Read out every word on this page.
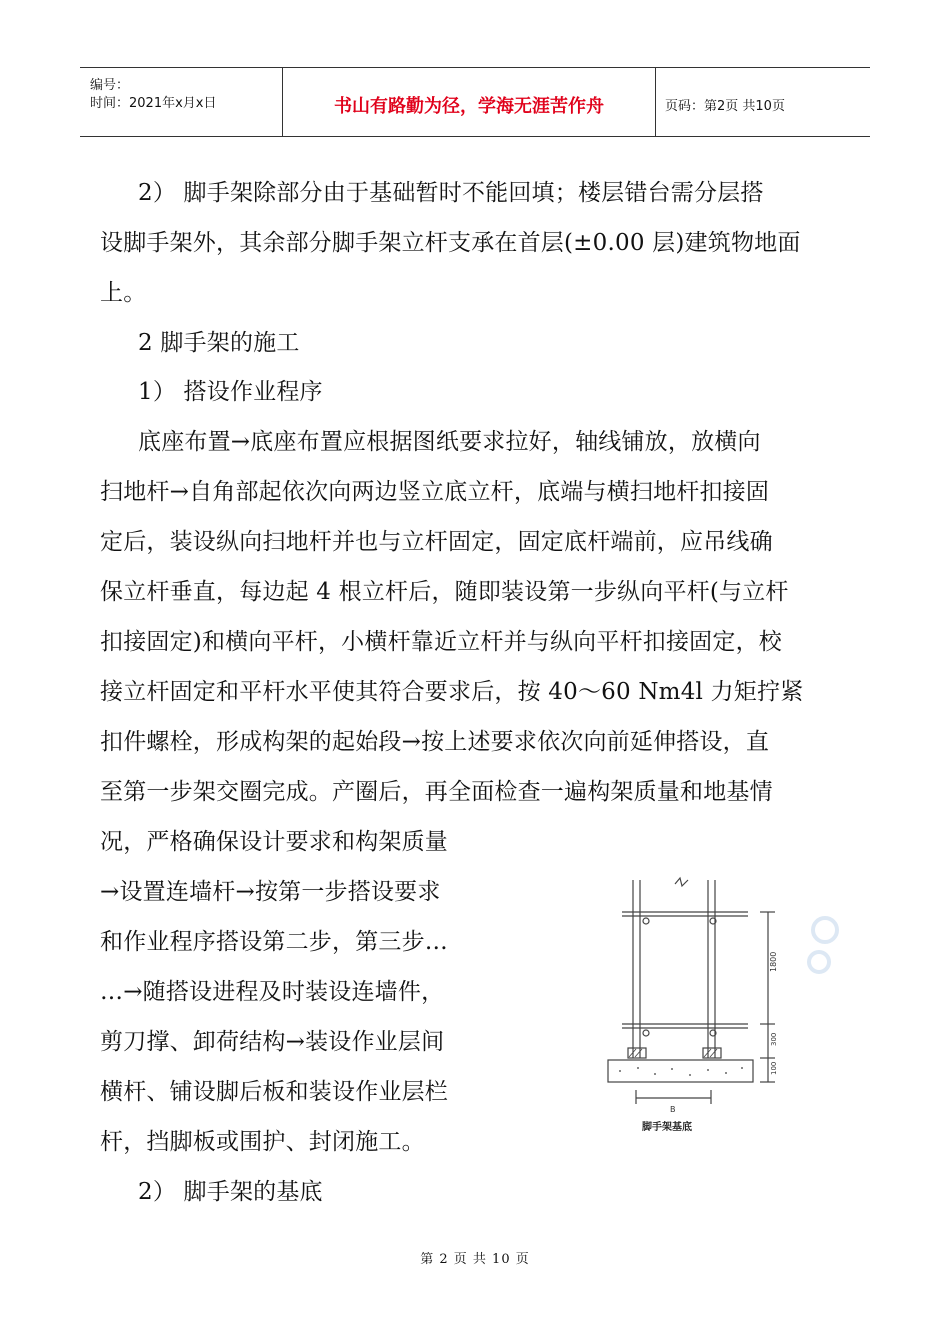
编号：
时间：2021年x月x日	书山有路勤为径，学海无涯苦作舟	页码：第2页 共10页
2） 脚手架除部分由于基础暂时不能回填；楼层错台需分层搭
设脚手架外，其余部分脚手架立杆支承在首层(±0.00 层)建筑物地面
上。
2 脚手架的施工
1） 搭设作业程序
底座布置→底座布置应根据图纸要求拉好，轴线铺放，放横向
扫地杆→自角部起依次向两边竖立底立杆，底端与横扫地杆扣接固
定后，装设纵向扫地杆并也与立杆固定，固定底杆端前，应吊线确
保立杆垂直，每边起 4 根立杆后，随即装设第一步纵向平杆(与立杆
扣接固定)和横向平杆，小横杆靠近立杆并与纵向平杆扣接固定，校
接立杆固定和平杆水平使其符合要求后，按 40～60 Nm4l 力矩拧紧
扣件螺栓，形成构架的起始段→按上述要求依次向前延伸搭设，直
至第一步架交圈完成。产圈后，再全面检查一遍构架质量和地基情
况，严格确保设计要求和构架质量
→设置连墙杆→按第一步搭设要求
和作业程序搭设第二步，第三步…
…→随搭设进程及时装设连墙件，
剪刀撑、卸荷结构→装设作业层间
横杆、铺设脚后板和装设作业层栏
杆，挡脚板或围护、封闭施工。
2） 脚手架的基底
1800
300
100
B
脚手架基底
第 2 页 共 10 页
